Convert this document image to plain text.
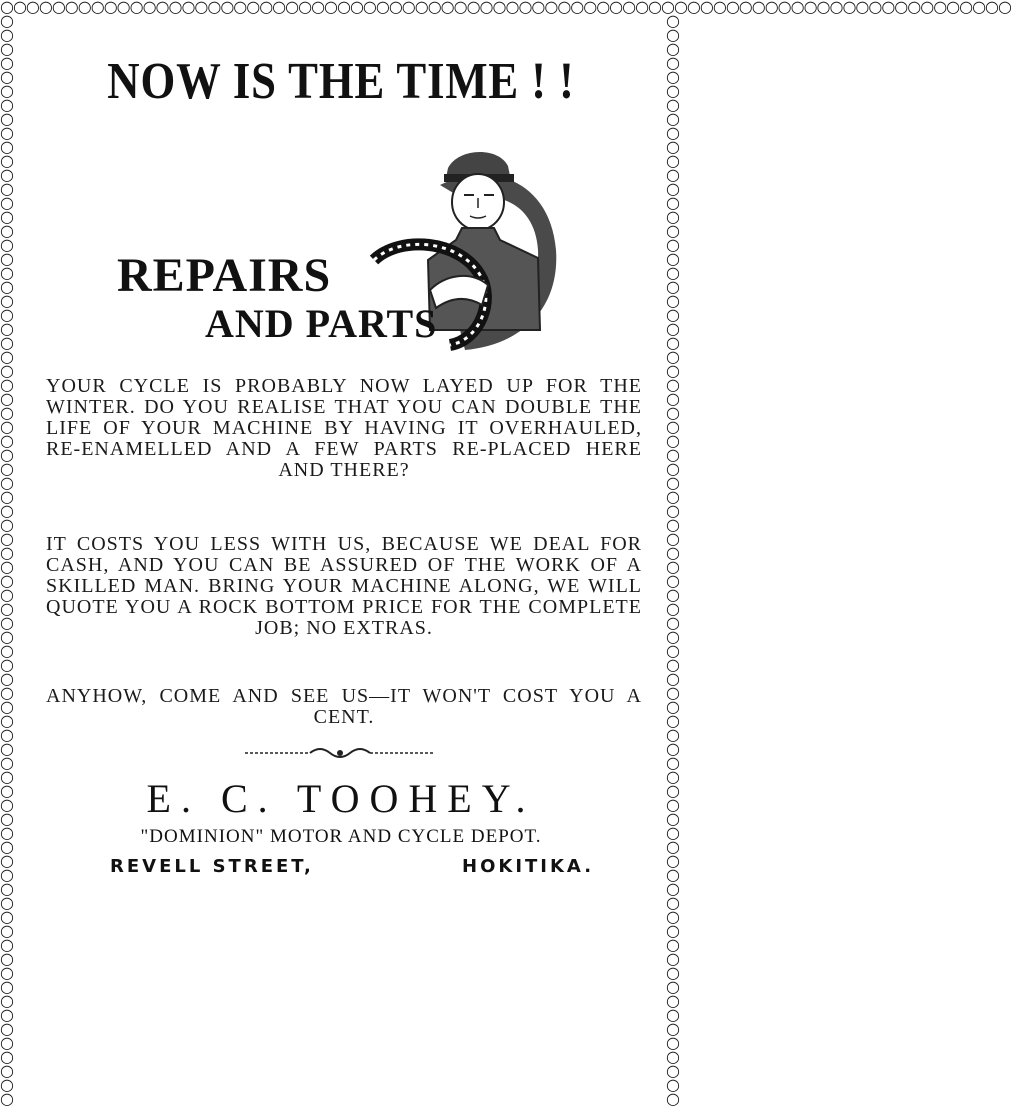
○○○○○○○○○○○○○○○○○○○○○○○○○○○○○○○○○○○○○○○○○○○○○○○○○○○○○○○○○○○○○○○○○○○○○○○○○○○○○○
○○○○○○○○○○○○○○○○○○○○○○○○○○○○○○○○○○○○○○○○○○○○○○○○○○○○○○○○○○○○○○○○○○○○○○○○○○○○○○
○○○○○○○○○○○○○○○○○○○○○○○○○○○○○○○○○○○○○○○○○○○○○○○○○○○○○○○○○○○○○○○○○○○○○○○○○○○○○○
NOW IS THE TIME ! !
REPAIRS
AND PARTS
YOUR CYCLE IS PROBABLY NOW LAYED UP FOR THE WINTER. DO YOU REALISE THAT YOU CAN DOUBLE THE LIFE OF YOUR MACHINE BY HAVING IT OVERHAULED, RE-ENAMELLED AND A FEW PARTS RE-PLACED HERE AND THERE?
IT COSTS YOU LESS WITH US, BECAUSE WE DEAL FOR CASH, AND YOU CAN BE ASSURED OF THE WORK OF A SKILLED MAN. BRING YOUR MACHINE ALONG, WE WILL QUOTE YOU A ROCK BOTTOM PRICE FOR THE COMPLETE JOB; NO EXTRAS.
ANYHOW, COME AND SEE US—IT WON'T COST YOU A CENT.
E. C. TOOHEY.
"DOMINION" MOTOR AND CYCLE DEPOT.
REVELL STREET,	HOKITIKA.
